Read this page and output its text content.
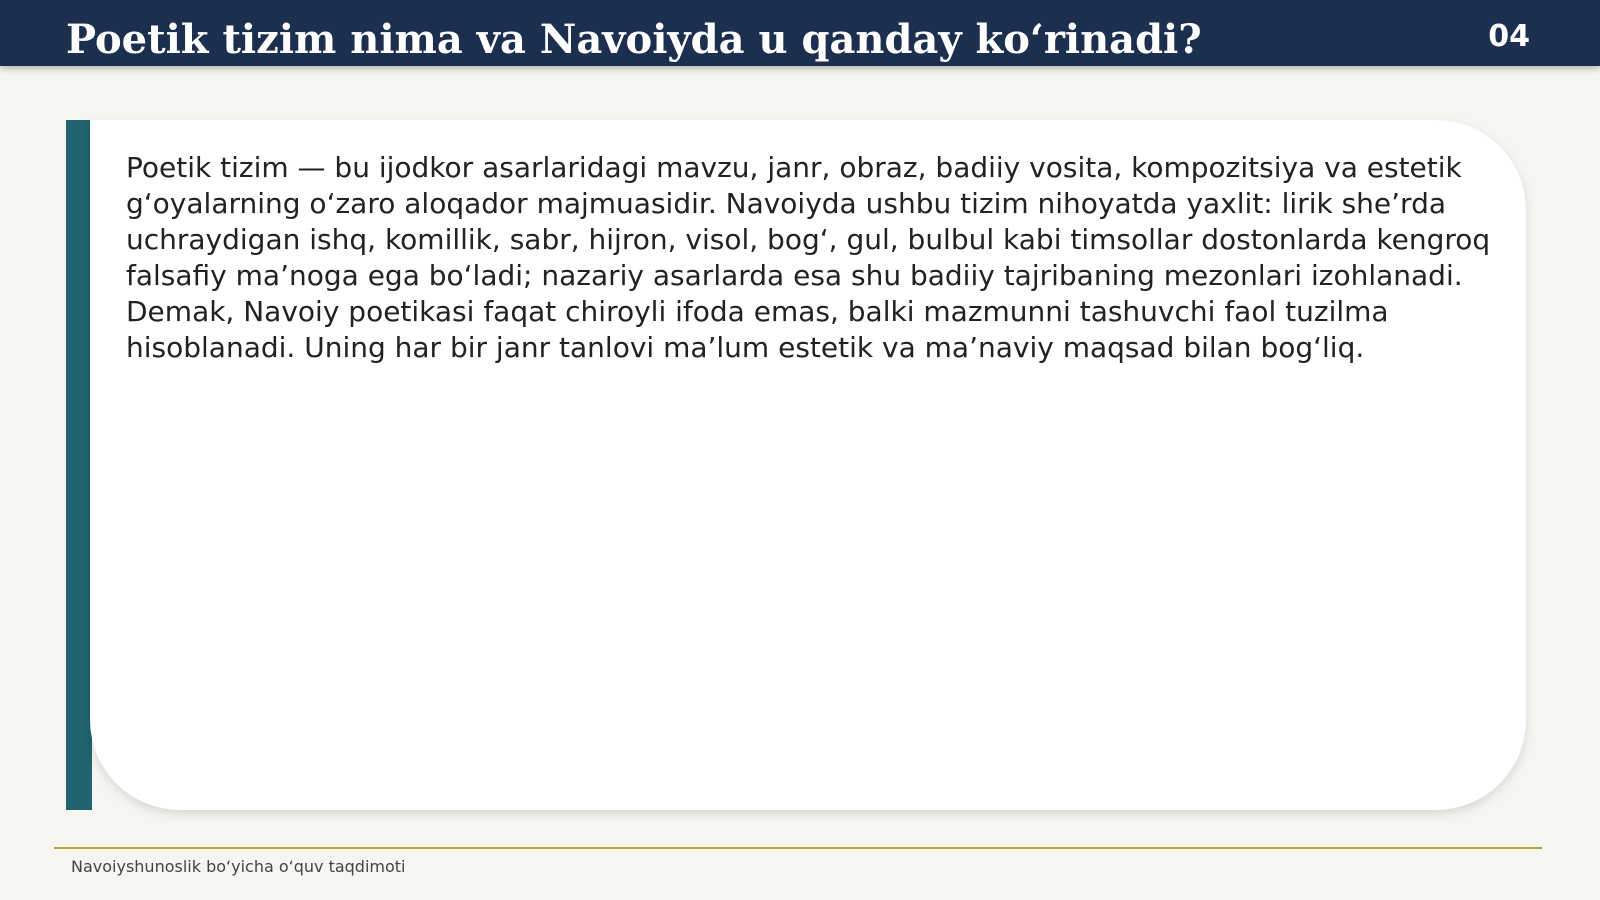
Poetik tizim nima va Navoiyda u qanday ko‘rinadi?	04

Poetik tizim — bu ijodkor asarlaridagi mavzu, janr, obraz, badiiy vosita, kompozitsiya va estetik g‘oyalarning o‘zaro aloqador majmuasidir. Navoiyda ushbu tizim nihoyatda yaxlit: lirik she’rda uchraydigan ishq, komillik, sabr, hijron, visol, bog‘, gul, bulbul kabi timsollar dostonlarda kengroq falsafiy ma’noga ega bo‘ladi; nazariy asarlarda esa shu badiiy tajribaning mezonlari izohlanadi. Demak, Navoiy poetikasi faqat chiroyli ifoda emas, balki mazmunni tashuvchi faol tuzilma hisoblanadi. Uning har bir janr tanlovi ma’lum estetik va ma’naviy maqsad bilan bog‘liq.

Navoiyshunoslik bo‘yicha o‘quv taqdimoti
